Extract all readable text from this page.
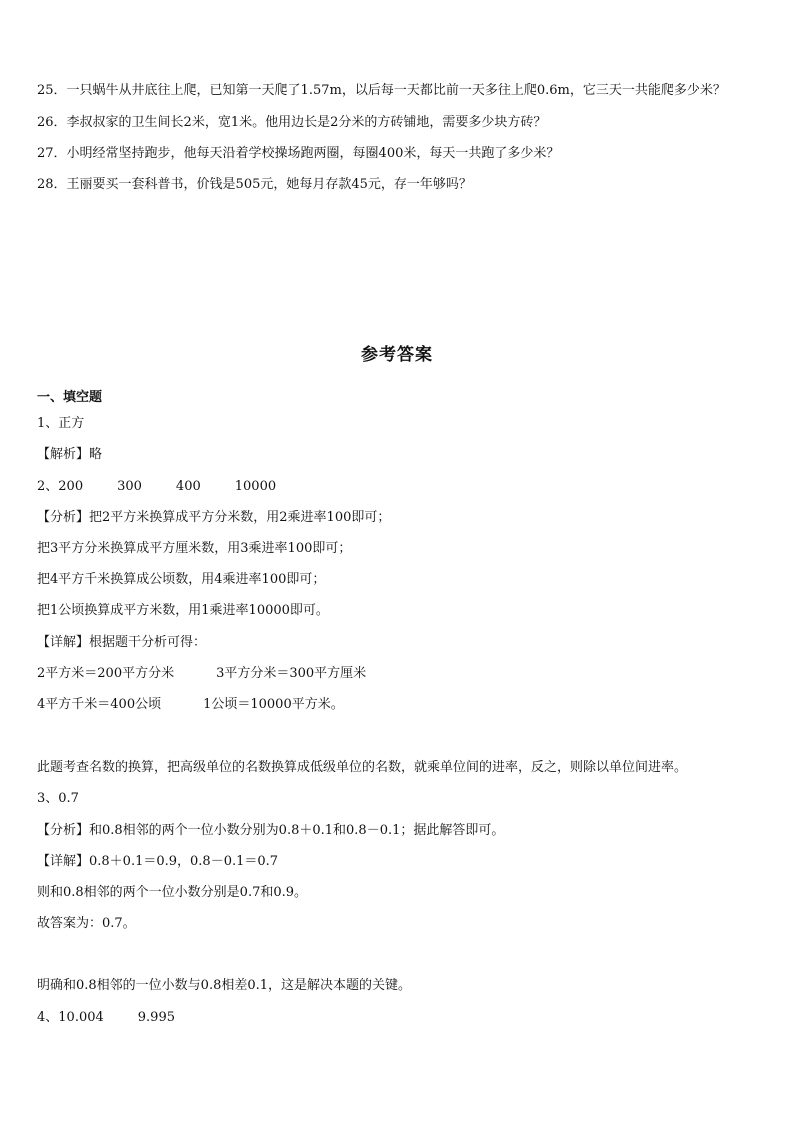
25．一只蜗牛从井底往上爬，已知第一天爬了1.57m，以后每一天都比前一天多往上爬0.6m，它三天一共能爬多少米？
26．李叔叔家的卫生间长2米，宽1米。他用边长是2分米的方砖铺地，需要多少块方砖？
27．小明经常坚持跑步，他每天沿着学校操场跑两圈，每圈400米，每天一共跑了多少米？
28．王丽要买一套科普书，价钱是505元，她每月存款45元，存一年够吗？
参考答案
一、填空题
1、正方
【解析】略
2、200	300	400	10000
【分析】把2平方米换算成平方分米数，用2乘进率100即可；
把3平方分米换算成平方厘米数，用3乘进率100即可；
把4平方千米换算成公顷数，用4乘进率100即可；
把1公顷换算成平方米数，用1乘进率10000即可。
【详解】根据题干分析可得：
2平方米＝200平方分米	3平方分米＝300平方厘米
4平方千米＝400公顷	1公顷＝10000平方米。
此题考查名数的换算，把高级单位的名数换算成低级单位的名数，就乘单位间的进率，反之，则除以单位间进率。
3、0.7
【分析】和0.8相邻的两个一位小数分别为0.8＋0.1和0.8－0.1；据此解答即可。
【详解】0.8＋0.1＝0.9，0.8－0.1＝0.7
则和0.8相邻的两个一位小数分别是0.7和0.9。
故答案为：0.7。
明确和0.8相邻的一位小数与0.8相差0.1，这是解决本题的关键。
4、10.004	9.995
